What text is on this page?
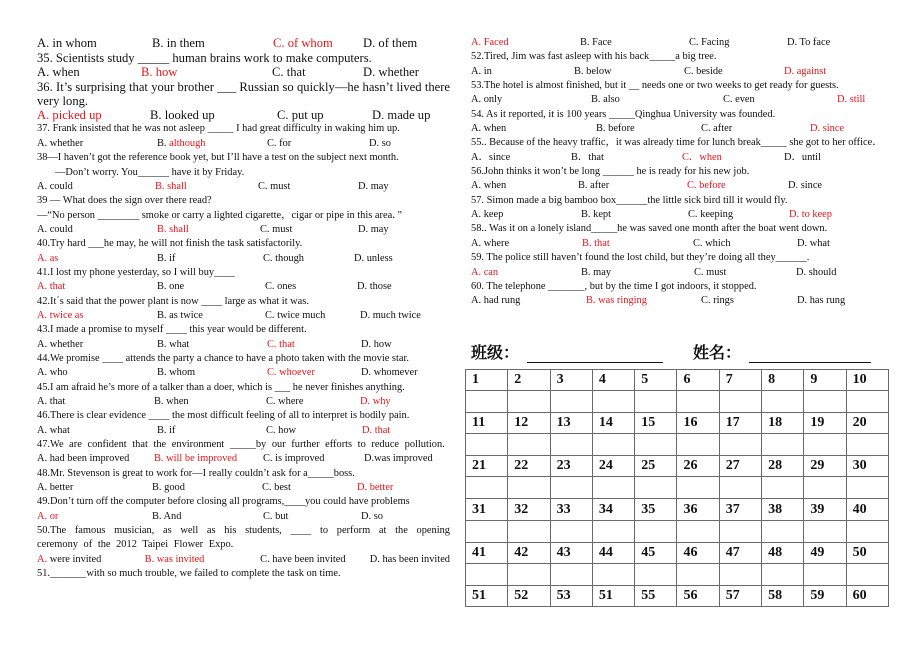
A. in whom	B. in them	C. of whom	D. of them
35. Scientists study _____ human brains work to make computers.
A. when	B. how	C. that	D. whether
36. It’s surprising that your brother ___ Russian so quickly—he hasn’t lived there very long.
A. picked up	B. looked up	C. put up	D. made up
37. Frank insisted that he was not asleep _____ I had great difficulty in waking him up.
A. whether	B. although	C. for	D. so
38—I haven’t got the reference book yet, but I’ll have a test on the subject next month.
—Don’t worry. You______ have it by Friday.
A. could	B. shall	C. must	D. may
39 — What does the sign over there read?
—“No person ________ smoke or carry a lighted cigarette，cigar or pipe in this area．”
A. could	B. shall	C. must	D. may
40.Try hard ___he may, he will not finish the task satisfactorily.
A. as	B. if	C. though	D. unless
41.I lost my phone yesterday, so I will buy____
A. that	B. one	C. ones	D. those
42.It΄s said that the power plant is now ____ large as what it was.
A. twice as	B. as twice	C. twice much	D. much twice
43.I made a promise to myself ____ this year would be different.
A. whether	B. what	C. that	D. how
44.We promise ____ attends the party a chance to have a photo taken with the movie star.
A. who	B. whom	C. whoever	D. whomever
45.I am afraid he’s more of a talker than a doer, which is ___ he never finishes anything.
A. that	B. when	C. where	D. why
46.There is clear evidence ____ the most difficult feeling of all to interpret is bodily pain.
A. what	B. if	C. how	D. that
47.We are confident that the environment _____by our further efforts to reduce pollution.
A. had been improved	B. will be improved	C. is improved	D.was improved
48.Mr. Stevenson is great to work for—I really couldn’t ask for a_____boss.
A. better	B. good	C. best	D. better
49.Don’t turn off the computer before closing all programs,____you could have problems
A. or	B. And	C. but	D. so
50.The famous musician, as well as his students, ____ to perform at the opening ceremony of the 2012 Taipei Flower Expo.
A. were invited	B. was invited	C. have been invited	D. has been invited
51._______with so much trouble, we failed to complete the task on time.
A. Faced	B. Face	C. Facing	D. To face
52.Tired, Jim was fast asleep with his back_____a big tree.
A. in	B. below	C. beside	D. against
53.The hotel is almost finished, but it __ needs one or two weeks to get ready for guests.
A. only	B. also	C. even	D. still
54. As it reported, it is 100 years _____Qinghua University was founded.
A. when	B. before	C. after	D. since
55.. Because of the heavy traffic，it was already time for lunch break_____ she got to her office．
A．since	B．that	C．when	D．until
56.John thinks it won’t be long ______ he is ready for his new job.
A. when	B. after	C. before	D. since
57. Simon made a big bamboo box______the little sick bird till it would fly.
A. keep	B. kept	C. keeping	D. to keep
58.. Was it on a lonely island_____he was saved one month after the boat went down.
A. where	B. that	C. which	D. what
59. The police still haven’t found the lost child, but they’re doing all they______.
A. can	B. may	C. must	D. should
60. The telephone _______, but by the time I got indoors, it stopped.
A. had rung	B. was ringing	C. rings	D. has rung
班级：	姓名：
1	2	3	4	5	6	7	8	9	10

11	12	13	14	15	16	17	18	19	20

21	22	23	24	25	26	27	28	29	30

31	32	33	34	35	36	37	38	39	40

41	42	43	44	45	46	47	48	49	50

51	52	53	51	55	56	57	58	59	60
